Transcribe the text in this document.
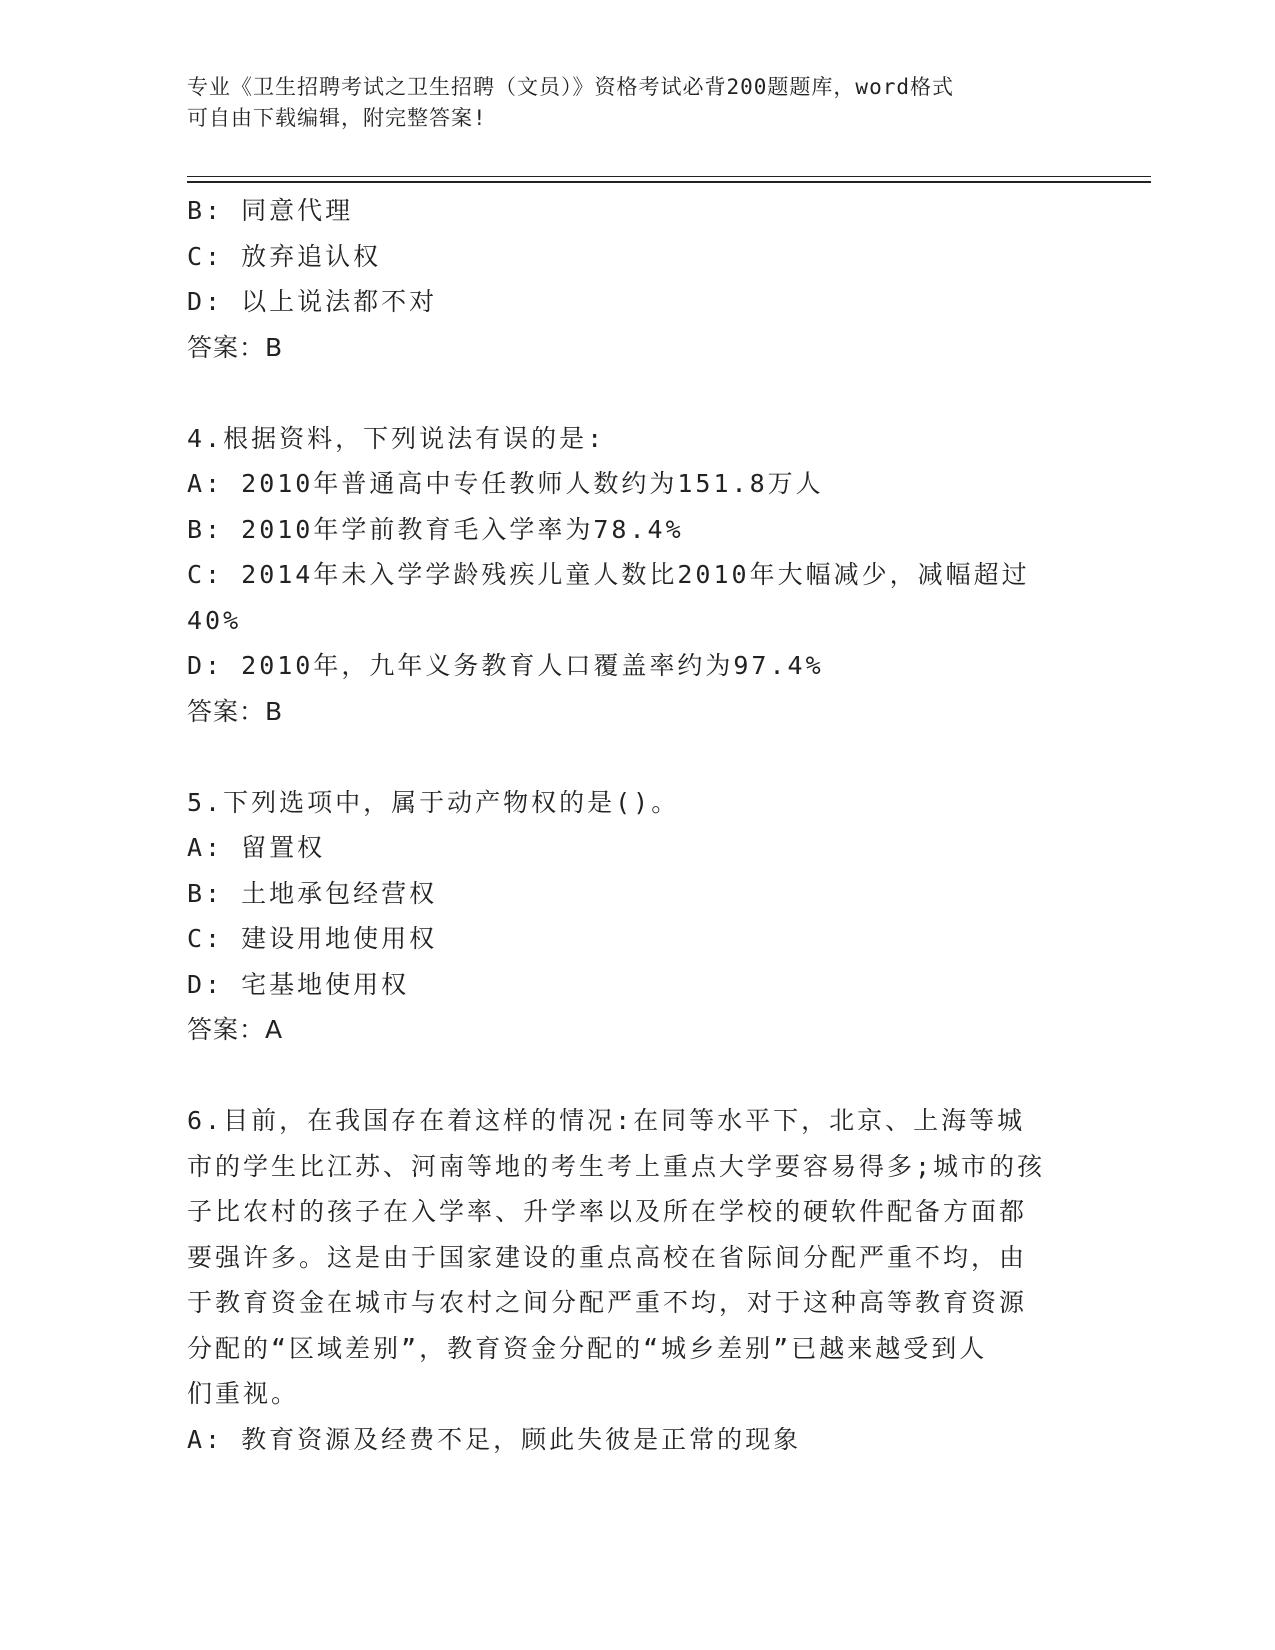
专业《卫生招聘考试之卫生招聘（文员）》资格考试必背200题题库，word格式
可自由下载编辑，附完整答案!
B: 同意代理
C: 放弃追认权
D: 以上说法都不对
答案：B
4.根据资料，下列说法有误的是:
A: 2010年普通高中专任教师人数约为151.8万人
B: 2010年学前教育毛入学率为78.4%
C: 2014年未入学学龄残疾儿童人数比2010年大幅减少，减幅超过
40%
D: 2010年，九年义务教育人口覆盖率约为97.4%
答案：B
5.下列选项中，属于动产物权的是()。
A: 留置权
B: 土地承包经营权
C: 建设用地使用权
D: 宅基地使用权
答案：A
6.目前，在我国存在着这样的情况:在同等水平下，北京、上海等城
市的学生比江苏、河南等地的考生考上重点大学要容易得多;城市的孩
子比农村的孩子在入学率、升学率以及所在学校的硬软件配备方面都
要强许多。这是由于国家建设的重点高校在省际间分配严重不均，由
于教育资金在城市与农村之间分配严重不均，对于这种高等教育资源
分配的“区域差别”，教育资金分配的“城乡差别”已越来越受到人
们重视。
A: 教育资源及经费不足，顾此失彼是正常的现象
